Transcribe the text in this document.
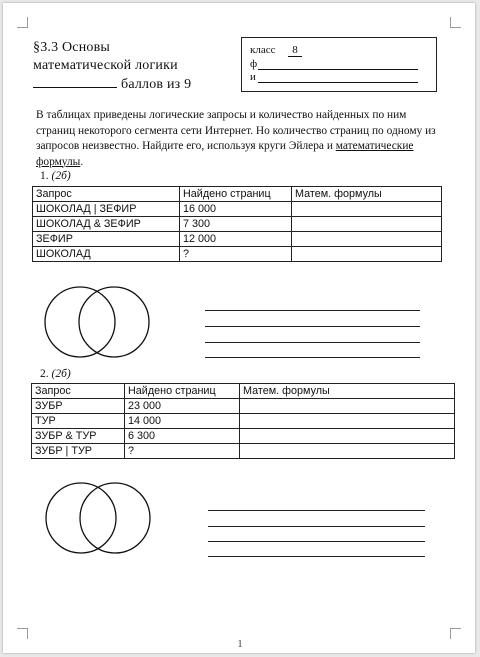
§3.3 Основы
математической логики
баллов из 9
класс 8
ф
и
В таблицах приведены логические запросы и количество найденных по ним страниц некоторого сегмента сети Интернет. Но количество страниц по одному из запросов неизвестно. Найдите его, используя круги Эйлера и математические формулы.
1. (2б)
Запрос	Найдено страниц	Матем. формулы
ШОКОЛАД | ЗЕФИР	16 000	
ШОКОЛАД & ЗЕФИР	7 300	
ЗЕФИР	12 000	
ШОКОЛАД	?	
2. (2б)
Запрос	Найдено страниц	Матем. формулы
ЗУБР	23 000	
ТУР	14 000	
ЗУБР & ТУР	6 300	
ЗУБР | ТУР	?	
1
